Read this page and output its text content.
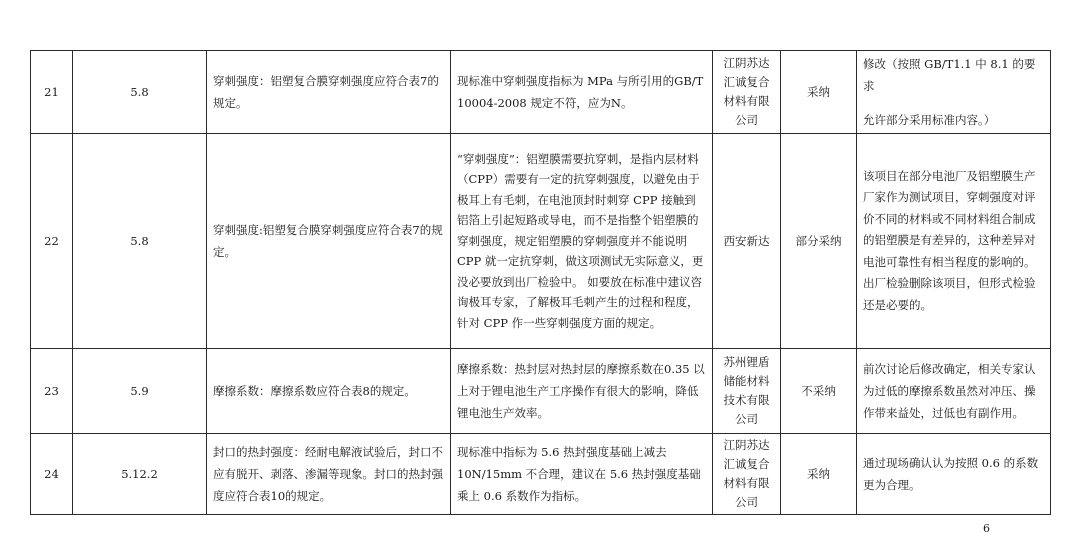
21	5.8	穿刺强度：铝塑复合膜穿刺强度应符合表7的规定。	现标准中穿刺强度指标为 MPa 与所引用的GB/T 10004-2008 规定不符，应为N。	江阴苏达汇诚复合材料有限公司	采纳	修改（按照 GB/T1.1 中 8.1 的要求
允许部分采用标准内容。）

22	5.8	穿刺强度:铝塑复合膜穿刺强度应符合表7的规定。	“穿刺强度”：铝塑膜需要抗穿刺，是指内层材料（CPP）需要有一定的抗穿刺强度，以避免由于极耳上有毛刺，在电池顶封时刺穿 CPP 接触到铝箔上引起短路或导电，而不是指整个铝塑膜的穿刺强度，规定铝塑膜的穿刺强度并不能说明 CPP 就一定抗穿刺，做这项测试无实际意义，更没必要放到出厂检验中。 如要放在标准中建议咨询极耳专家，了解极耳毛刺产生的过程和程度，针对 CPP 作一些穿刺强度方面的规定。	西安新达	部分采纳	该项目在部分电池厂及铝塑膜生产厂家作为测试项目，穿刺强度对评价不同的材料或不同材料组合制成的铝塑膜是有差异的，这种差异对电池可靠性有相当程度的影响的。出厂检验删除该项目，但形式检验还是必要的。
23	5.9	摩擦系数：摩擦系数应符合表8的规定。	摩擦系数：热封层对热封层的摩擦系数在0.35 以上对于锂电池生产工序操作有很大的影响，降低锂电池生产效率。	苏州锂盾储能材料技术有限公司	不采纳	前次讨论后修改确定，相关专家认为过低的摩擦系数虽然对冲压、操作带来益处，过低也有副作用。
24	5.12.2	封口的热封强度：经耐电解液试验后，封口不应有脱开、剥落、渗漏等现象。封口的热封强度应符合表10的规定。	现标准中指标为 5.6 热封强度基础上减去10N/15mm 不合理，建议在 5.6 热封强度基础乘上 0.6 系数作为指标。	江阴苏达汇诚复合材料有限公司	采纳	通过现场确认认为按照 0.6 的系数更为合理。
6
